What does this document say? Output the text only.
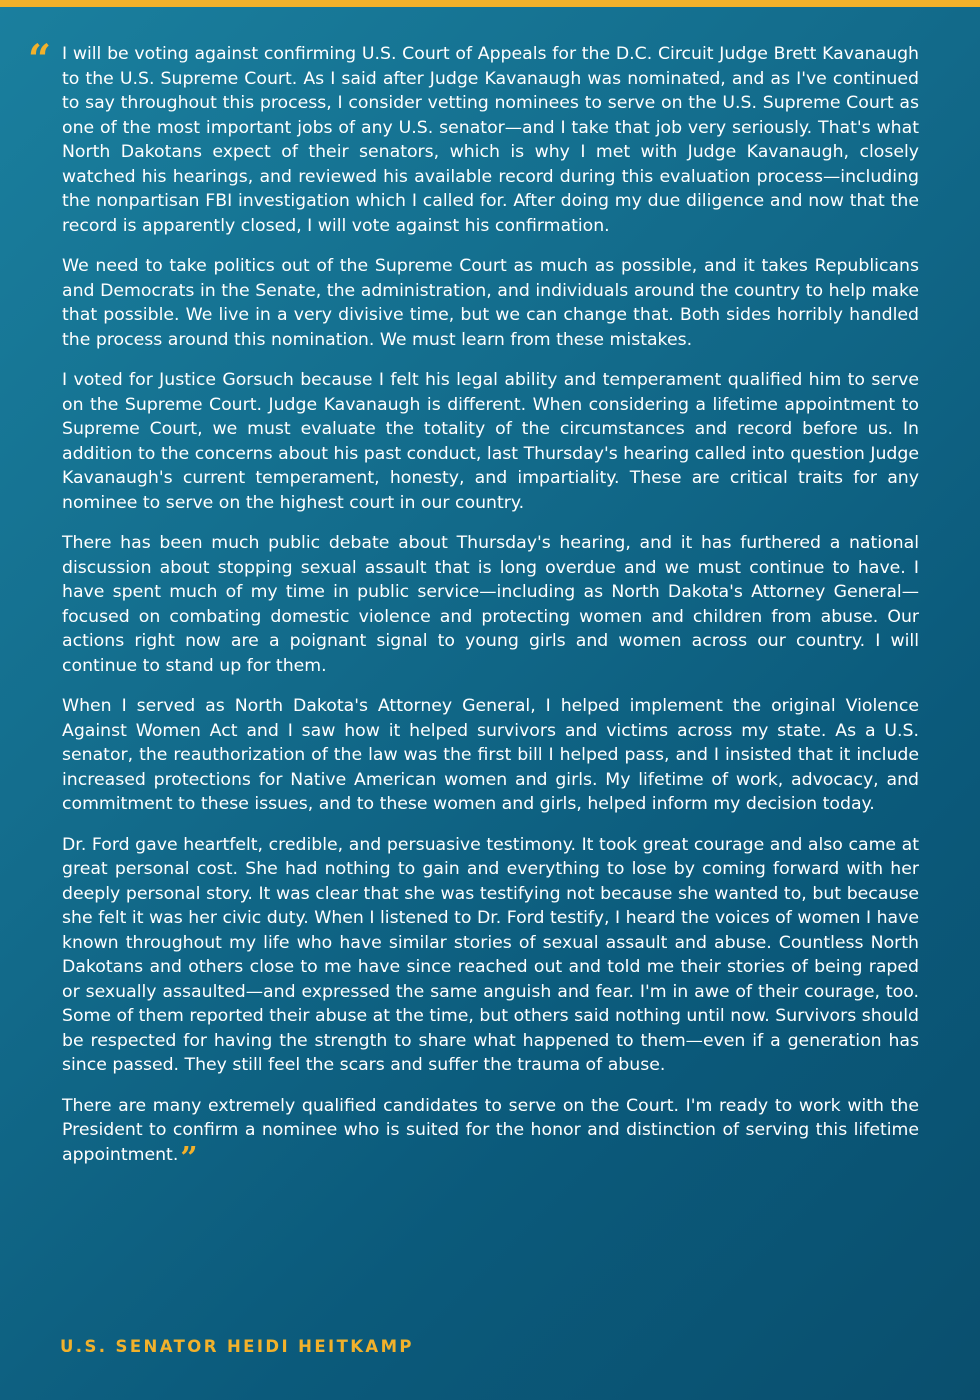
“ I will be voting against confirming U.S. Court of Appeals for the D.C. Circuit Judge Brett Kavanaugh to the U.S. Supreme Court. As I said after Judge Kavanaugh was nominated, and as I've continued to say throughout this process, I consider vetting nominees to serve on the U.S. Supreme Court as one of the most important jobs of any U.S. senator—and I take that job very seriously. That's what North Dakotans expect of their senators, which is why I met with Judge Kavanaugh, closely watched his hearings, and reviewed his available record during this evaluation process—including the nonpartisan FBI investigation which I called for. After doing my due diligence and now that the record is apparently closed, I will vote against his confirmation.

We need to take politics out of the Supreme Court as much as possible, and it takes Republicans and Democrats in the Senate, the administration, and individuals around the country to help make that possible. We live in a very divisive time, but we can change that. Both sides horribly handled the process around this nomination. We must learn from these mistakes.

I voted for Justice Gorsuch because I felt his legal ability and temperament qualified him to serve on the Supreme Court. Judge Kavanaugh is different. When considering a lifetime appointment to Supreme Court, we must evaluate the totality of the circumstances and record before us. In addition to the concerns about his past conduct, last Thursday's hearing called into question Judge Kavanaugh's current temperament, honesty, and impartiality. These are critical traits for any nominee to serve on the highest court in our country.

There has been much public debate about Thursday's hearing, and it has furthered a national discussion about stopping sexual assault that is long overdue and we must continue to have. I have spent much of my time in public service—including as North Dakota's Attorney General—focused on combating domestic violence and protecting women and children from abuse. Our actions right now are a poignant signal to young girls and women across our country. I will continue to stand up for them.

When I served as North Dakota's Attorney General, I helped implement the original Violence Against Women Act and I saw how it helped survivors and victims across my state. As a U.S. senator, the reauthorization of the law was the first bill I helped pass, and I insisted that it include increased protections for Native American women and girls. My lifetime of work, advocacy, and commitment to these issues, and to these women and girls, helped inform my decision today.

Dr. Ford gave heartfelt, credible, and persuasive testimony. It took great courage and also came at great personal cost. She had nothing to gain and everything to lose by coming forward with her deeply personal story. It was clear that she was testifying not because she wanted to, but because she felt it was her civic duty. When I listened to Dr. Ford testify, I heard the voices of women I have known throughout my life who have similar stories of sexual assault and abuse. Countless North Dakotans and others close to me have since reached out and told me their stories of being raped or sexually assaulted—and expressed the same anguish and fear. I'm in awe of their courage, too. Some of them reported their abuse at the time, but others said nothing until now. Survivors should be respected for having the strength to share what happened to them—even if a generation has since passed. They still feel the scars and suffer the trauma of abuse.

There are many extremely qualified candidates to serve on the Court. I'm ready to work with the President to confirm a nominee who is suited for the honor and distinction of serving this lifetime appointment.”

U.S. SENATOR HEIDI HEITKAMP
